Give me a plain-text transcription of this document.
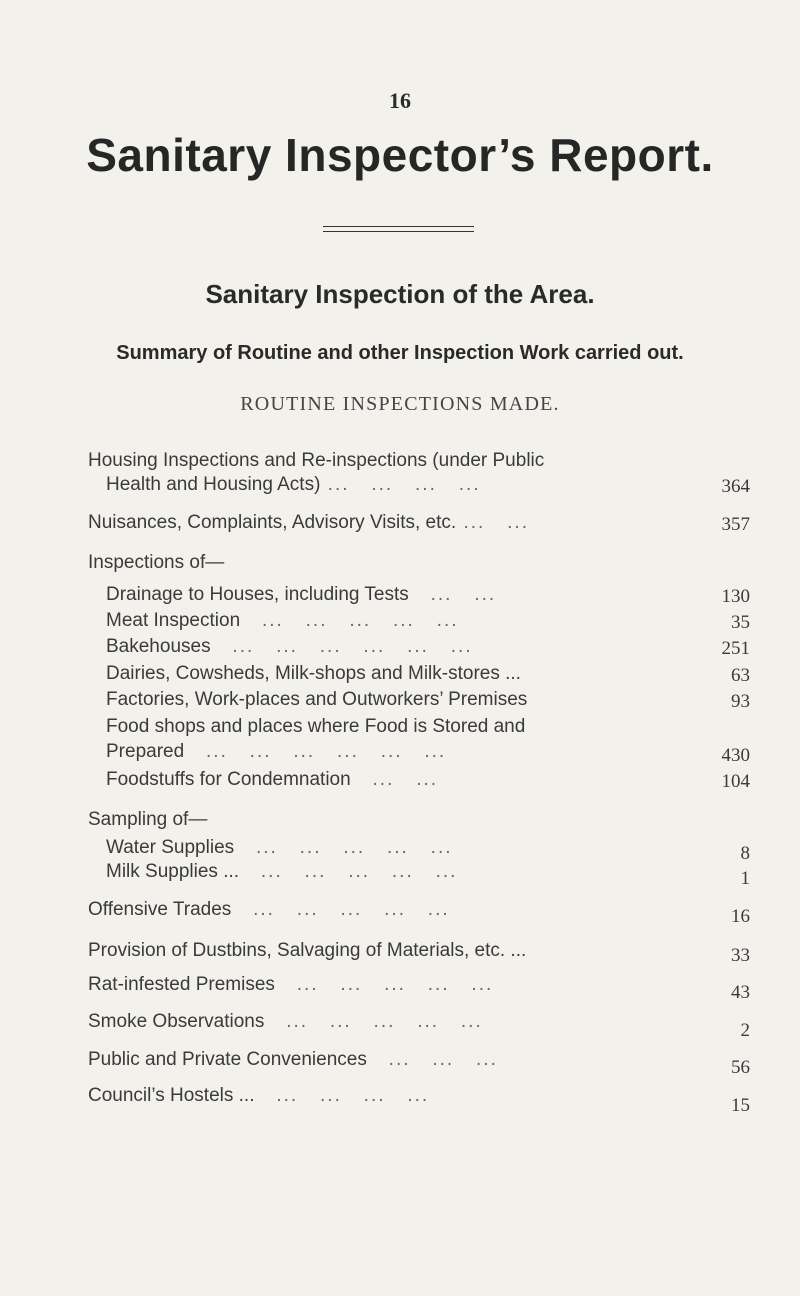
16
Sanitary Inspector’s Report.
Sanitary Inspection of the Area.
Summary of Routine and other Inspection Work carried out.
ROUTINE INSPECTIONS MADE.
Housing Inspections and Re-inspections (under Public
Health and Housing Acts) ...   ...   ...   ...	364
Nuisances, Complaints, Advisory Visits, etc. ...   ...	357
Inspections of—
Drainage to Houses, including Tests   ...   ...	130
Meat Inspection   ...   ...   ...   ...   ...	35
Bakehouses   ...   ...   ...   ...   ...   ...	251
Dairies, Cowsheds, Milk-shops and Milk-stores ...	63
Factories, Work-places and Outworkers’ Premises	93
Food shops and places where Food is Stored and
Prepared   ...   ...   ...   ...   ...   ...	430
Foodstuffs for Condemnation   ...   ...	104
Sampling of—
Water Supplies   ...   ...   ...   ...   ...	8
Milk Supplies ...   ...   ...   ...   ...   ...	1
Offensive Trades   ...   ...   ...   ...   ...	16
Provision of Dustbins, Salvaging of Materials, etc. ...	33
Rat-infested Premises   ...   ...   ...   ...   ...	43
Smoke Observations   ...   ...   ...   ...   ...	2
Public and Private Conveniences   ...   ...   ...	56
Council’s Hostels ...   ...   ...   ...   ...	15
